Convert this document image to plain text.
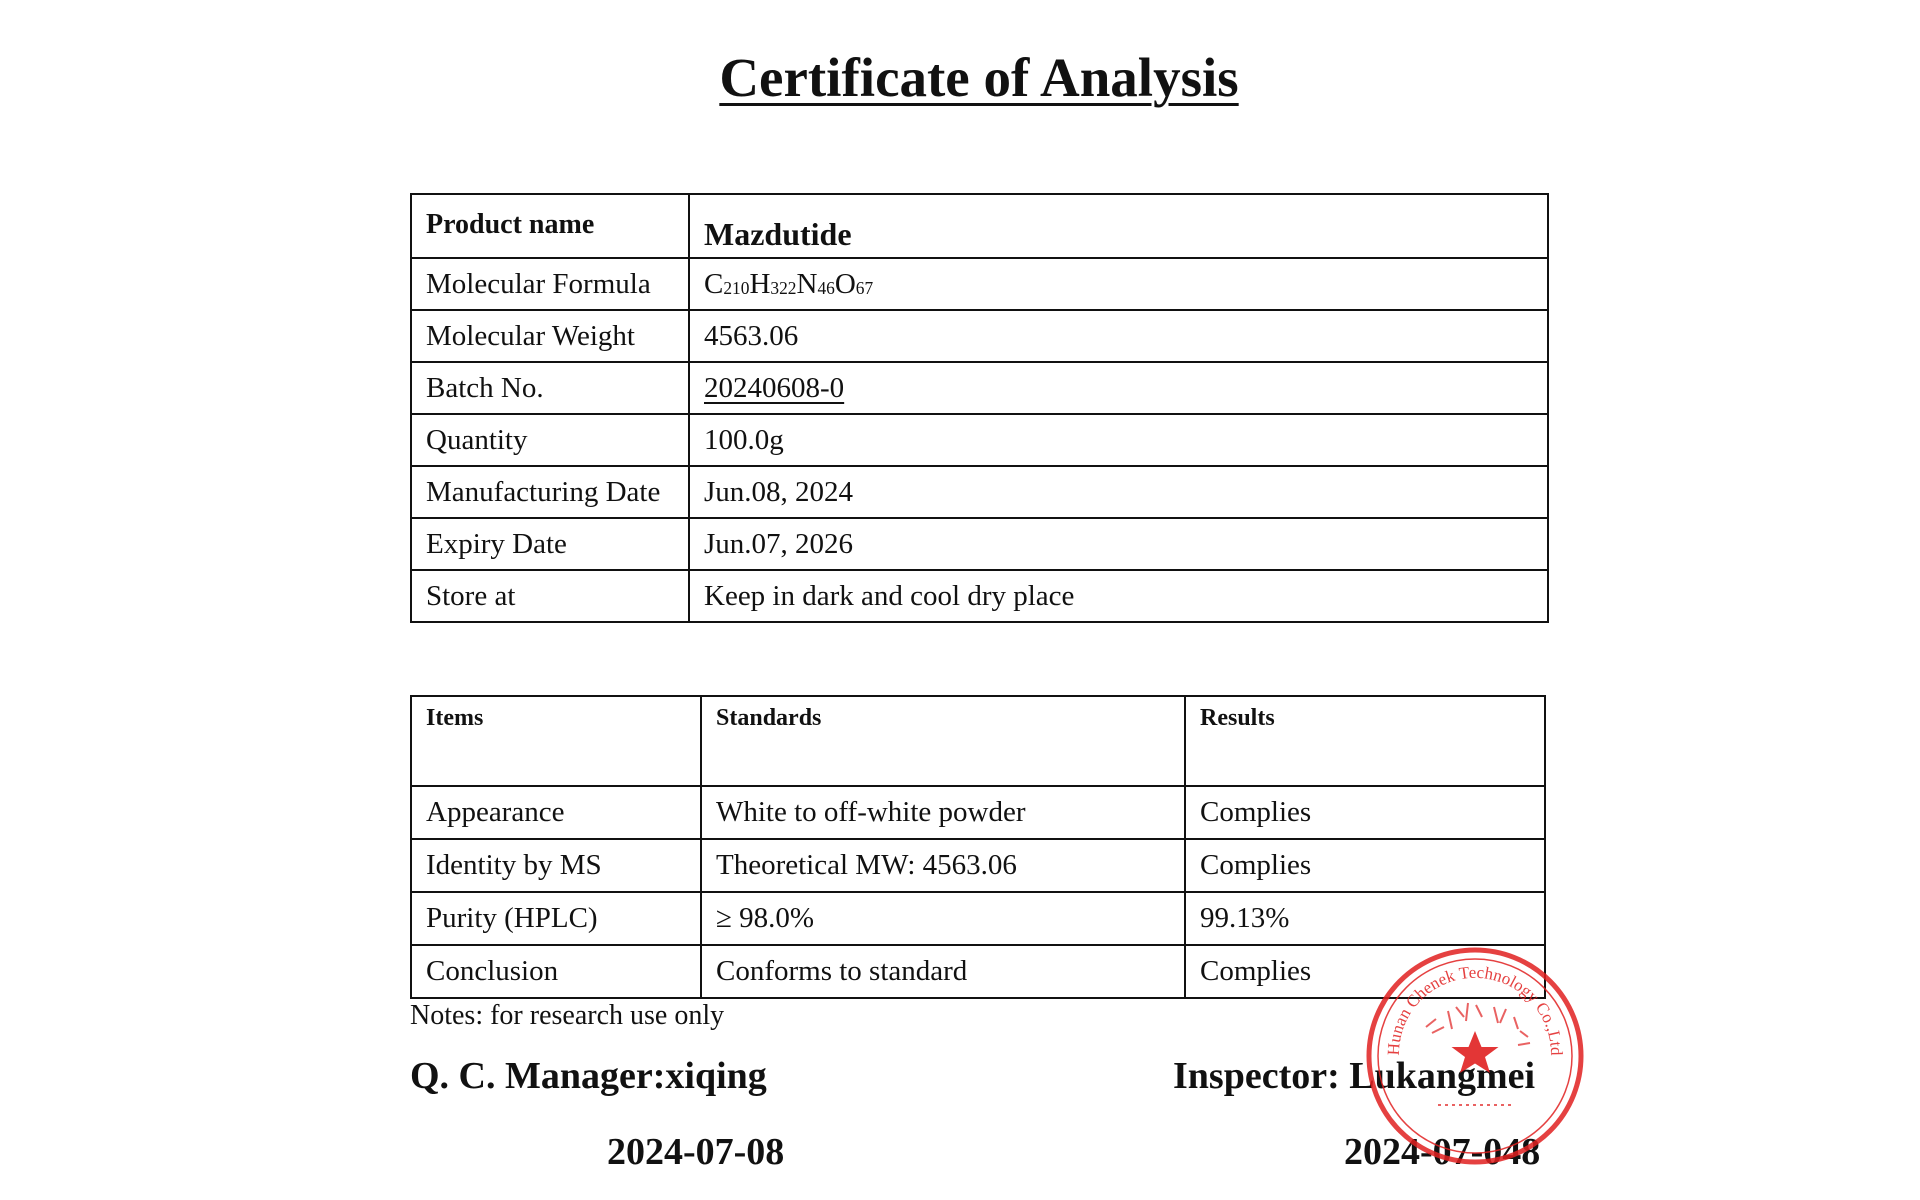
Certificate of Analysis
Product name	Mazdutide
Molecular Formula	$C_{210}H_{322}N_{46}O_{67}$
Molecular Weight	4563.06
Batch No.	20240608-0
Quantity	100.0g
Manufacturing Date	Jun.08, 2024
Expiry Date	Jun.07, 2026
Store at	Keep in dark and cool dry place
Items	Standards	Results
Appearance	White to off-white powder	Complies
Identity by MS	Theoretical MW: 4563.06	Complies
Purity (HPLC)	≥ 98.0%	99.13%
Conclusion	Conforms to standard	Complies
Notes: for research use only
Q. C. Manager:xiqing	Inspector: Lukangmei
2024-07-08	2024-07-048
Hunan Chenek Technology Co.,Ltd
